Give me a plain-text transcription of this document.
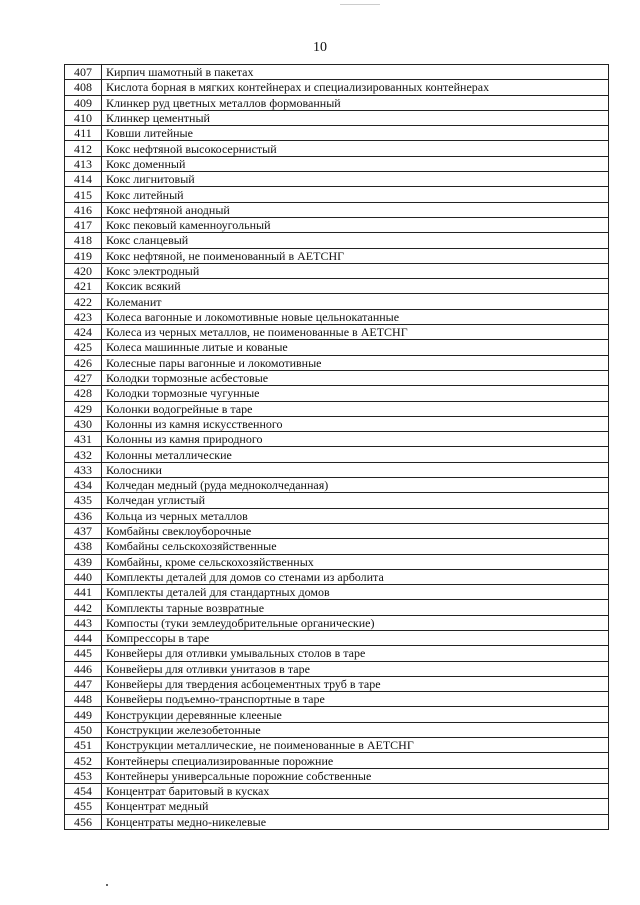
10
407	Кирпич шамотный в пакетах
408	Кислота борная в мягких контейнерах и специализированных контейнерах
409	Клинкер руд цветных металлов формованный
410	Клинкер цементный
411	Ковши литейные
412	Кокс нефтяной высокосернистый
413	Кокс доменный
414	Кокс лигнитовый
415	Кокс литейный
416	Кокс нефтяной анодный
417	Кокс пековый каменноугольный
418	Кокс сланцевый
419	Кокс нефтяной, не поименованный в АЕТСНГ
420	Кокс электродный
421	Коксик всякий
422	Колеманит
423	Колеса вагонные и локомотивные новые цельнокатанные
424	Колеса из черных металлов, не поименованные в АЕТСНГ
425	Колеса машинные литые и кованые
426	Колесные пары вагонные и локомотивные
427	Колодки тормозные асбестовые
428	Колодки тормозные чугунные
429	Колонки водогрейные в таре
430	Колонны из камня искусственного
431	Колонны из камня природного
432	Колонны металлические
433	Колосники
434	Колчедан медный (руда медноколчеданная)
435	Колчедан углистый
436	Кольца из черных металлов
437	Комбайны свеклоуборочные
438	Комбайны сельскохозяйственные
439	Комбайны, кроме сельскохозяйственных
440	Комплекты деталей для домов со стенами из арболита
441	Комплекты деталей для стандартных домов
442	Комплекты тарные возвратные
443	Компосты (туки землеудобрительные органические)
444	Компрессоры в таре
445	Конвейеры для отливки умывальных столов в таре
446	Конвейеры для отливки унитазов в таре
447	Конвейеры для твердения асбоцементных труб в таре
448	Конвейеры подъемно-транспортные в таре
449	Конструкции деревянные клееные
450	Конструкции железобетонные
451	Конструкции металлические, не поименованные в АЕТСНГ
452	Контейнеры специализированные порожние
453	Контейнеры универсальные порожние собственные
454	Концентрат баритовый в кусках
455	Концентрат медный
456	Концентраты медно-никелевые
